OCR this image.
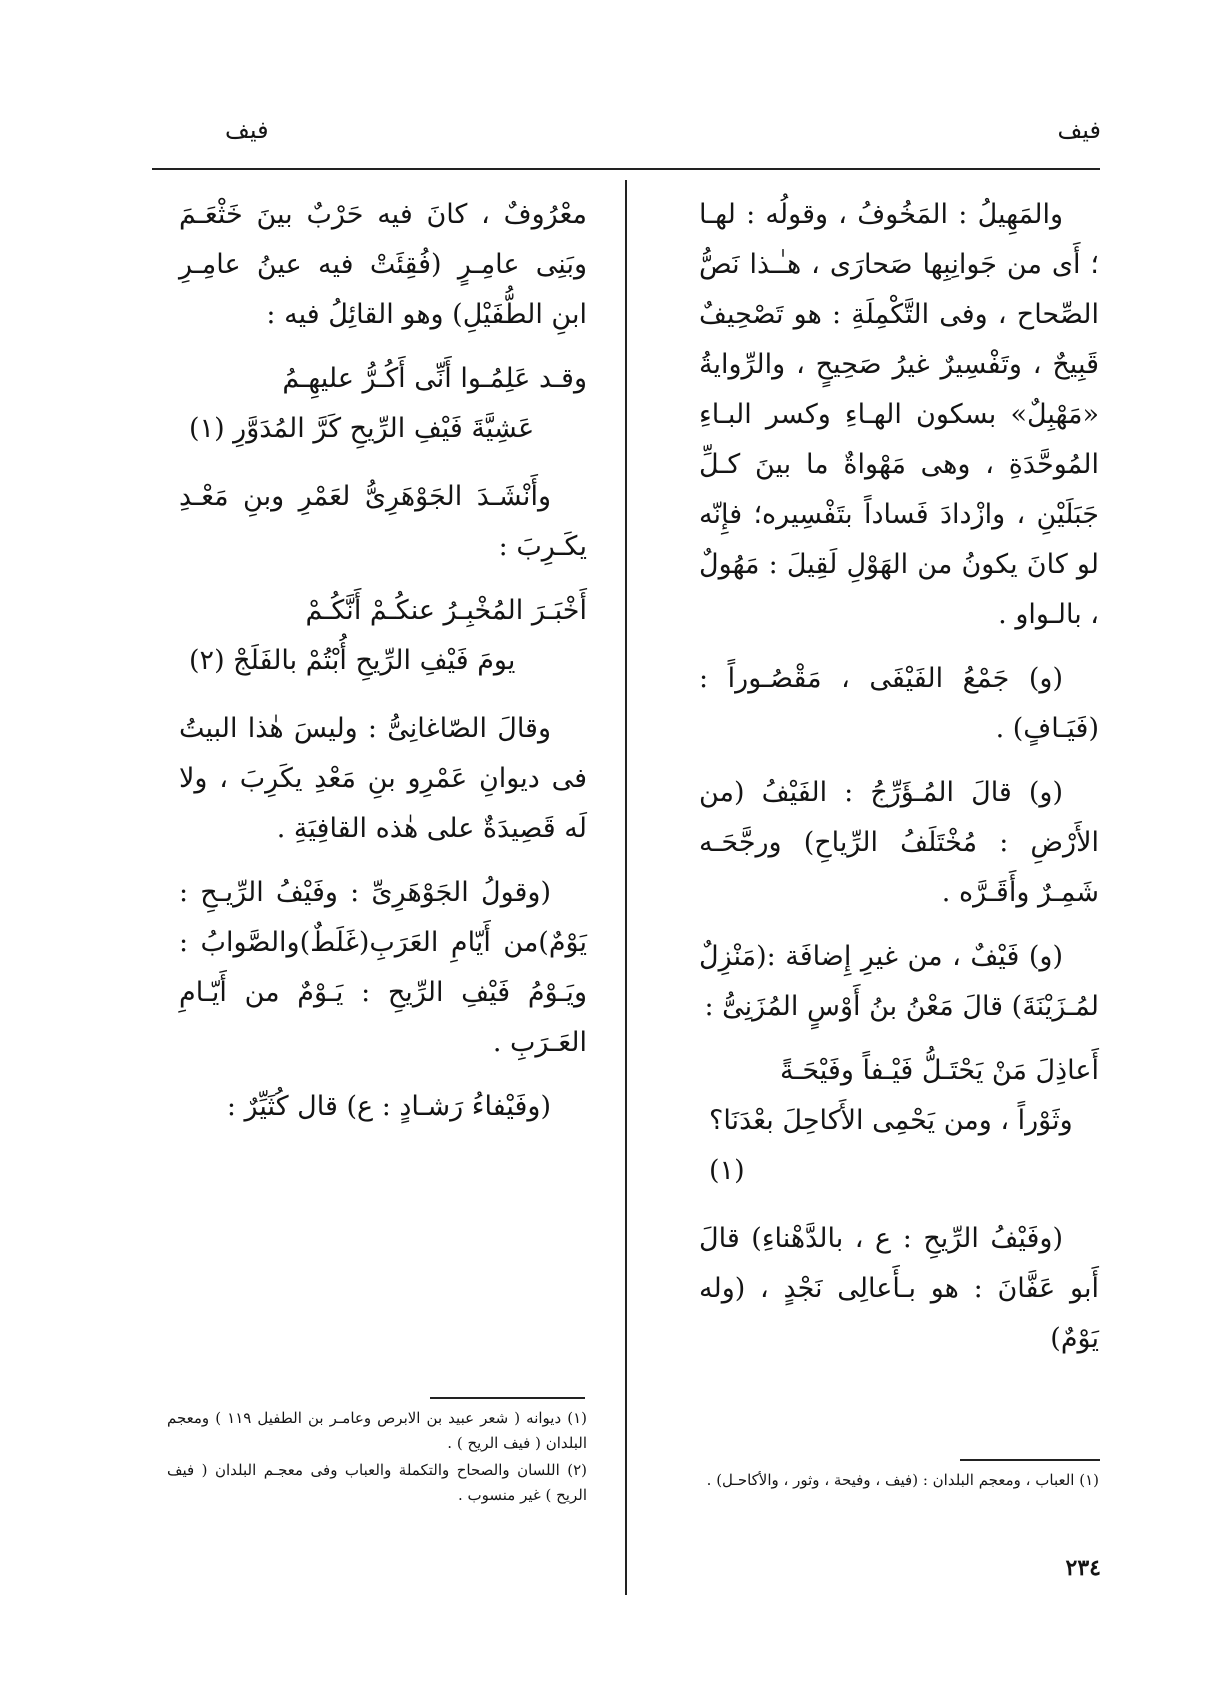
فيف
فيف

والمَهِيلُ : المَخُوفُ ، وقولُه : لهـا ؛ أَى من جَوانِبِها صَحارَى ، هـٰـذا نَصُّ الصِّحاح ، وفى التَّكْمِلَةِ : هو تَصْحِيفٌ قَبِيحٌ ، وتَفْسِيرٌ غيرُ صَحِيحٍ ، والرِّوايةُ «مَهْبِلٌ» بسكون الهـاءِ وكسر البـاءِ المُوحَّدَةِ ، وهى مَهْواةٌ ما بينَ كـلِّ جَبَلَيْنِ ، وازْدادَ فَساداً بتَفْسِيره؛ فإِنّه لو كانَ يكونُ من الهَوْلِ لَقِيلَ : مَهُولٌ ، بالـواو .

(و) جَمْعُ الفَيْفَى ، مَقْصُـوراً : (فَيَـافٍ) .

(و) قالَ المُـؤَرِّجُ : الفَيْفُ (من الأَرْضِ : مُخْتَلَفُ الرِّياحِ) ورجَّحَـه شَمِـرٌ وأَقَـرَّه .

(و) فَيْفٌ ، من غيرِ إِضافَة :(مَنْزِلٌ لمُـزَيْنَةَ) قالَ مَعْنُ بنُ أَوْسٍ المُزَنِىُّ :

أَعاذِلَ مَنْ يَحْتَـلُّ فَيْـفاً وفَيْحَـةً
وثَوْراً ، ومن يَحْمِى الأَكاحِلَ بعْدَنَا؟ (١)

(وفَيْفُ الرِّيحِ : ع ، بالدَّهْناءِ) قالَ أَبو عَفَّانَ : هو بـأَعالِى نَجْدٍ ، (وله يَوْمٌ)

معْرُوفٌ ، كانَ فيه حَرْبٌ بينَ خَثْعَـمَ وبَنِى عامِـرٍ (فُقِئَتْ فيه عينُ عامِـرِ ابنِ الطُّفَيْلِ) وهو القائِلُ فيه :

وقـد عَلِمُـوا أَنِّى أَكُـرُّ عليهِـمُ
عَشِيَّةَ فَيْفِ الرِّيحِ كَرَّ المُدَوَّرِ (١)

وأَنْشَـدَ الجَوْهَرِىُّ لعَمْرِ وبنِ مَعْـدِ يكَـرِبَ :

أَخْبَـرَ المُخْبِـرُ عنكُـمْ أَنَّكُـمْ
يومَ فَيْفِ الرِّيحِ أُبْتُمْ بالفَلَجْ (٢)

وقالَ الصّاغانِىُّ : وليسَ هٰذا البيتُ فى ديوانِ عَمْرِو بنِ مَعْدِ يكَرِبَ ، ولا لَه قَصِيدَةٌ على هٰذه القافِيَةِ .

(وقولُ الجَوْهَرِىِّ : وفَيْفُ الرِّيـحِ : يَوْمٌ)من أَيّامِ العَرَبِ(غَلَطٌ)والصَّوابُ : ويَـوْمُ فَيْفِ الرِّيحِ : يَـوْمٌ من أَيّـامِ العَـرَبِ .

(وفَيْفاءُ رَشـادٍ : ع) قال كُثَيِّرٌ :

(١) العباب ، ومعجم البلدان : (فيف ، وفيحة ، وثور ، والأكاحـل) .
(١) ديوانه ( شعر عبيد بن الابرص وعامـر بن الطفيل ١١٩ ) ومعجم البلدان ( فيف الريح ) .
(٢) اللسان والصحاح والتكملة والعباب وفى معجـم البلدان ( فيف الريح ) غير منسوب .
٢٣٤
